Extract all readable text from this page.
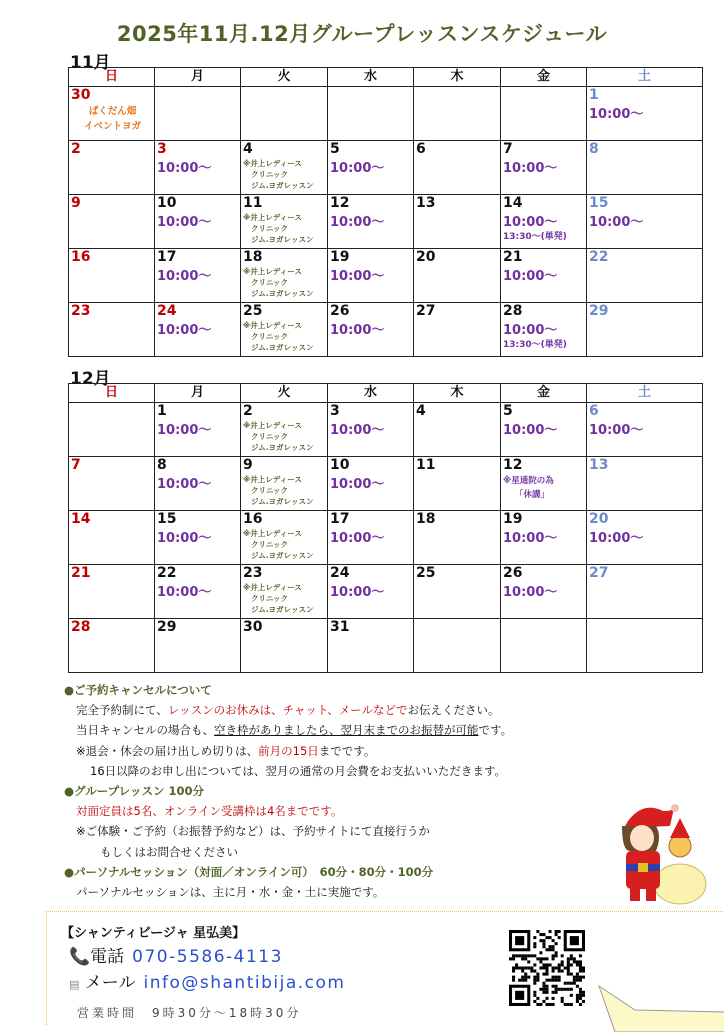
2025年11月.12月グループレッスンスケジュール
11月
日	月	火	水	木	金	土

30
ぱくだん畑
イベントヨガ						1
10:00～

2	3
10:00～	4
※井上レディース
クリニック
ジム.ヨガレッスン	5
10:00～	6	7
10:00～	8

9	10
10:00～	11
※井上レディース
クリニック
ジム.ヨガレッスン	12
10:00～	13	14
10:00～
13:30～(単発)	15
10:00～

16	17
10:00～	18
※井上レディース
クリニック
ジム.ヨガレッスン	19
10:00～	20	21
10:00～	22

23	24
10:00～	25
※井上レディース
クリニック
ジム.ヨガレッスン	26
10:00～	27	28
10:00～
13:30～(単発)	29
12月
日	月	火	水	木	金	土

	1
10:00～	2
※井上レディース
クリニック
ジム.ヨガレッスン	3
10:00～	4	5
10:00～	6
10:00～

7	8
10:00～	9
※井上レディース
クリニック
ジム.ヨガレッスン	10
10:00～	11	12
※星通院の為
「休講」	13

14	15
10:00～	16
※井上レディース
クリニック
ジム.ヨガレッスン	17
10:00～	18	19
10:00～	20
10:00～

21	22
10:00～	23
※井上レディース
クリニック
ジム.ヨガレッスン	24
10:00～	25	26
10:00～	27

28	29	30	31			

●ご予約キャンセルについて
完全予約制にて、レッスンのお休みは、チャット、メールなどでお伝えください。
当日キャンセルの場合も、空き枠がありましたら、翌月末までのお振替が可能です。
※退会・休会の届け出しめ切りは、前月の15日までです。
16日以降のお申し出については、翌月の通常の月会費をお支払いいただきます。
●グループレッスン 100分
対面定員は5名、オンライン受講枠は4名までです。
※ご体験・ご予約（お振替予約など）は、予約サイトにて直接行うか
もしくはお問合せください
●パーソナルセッション（対面／オンライン可）　60分・80分・100分
パーソナルセッションは、主に月・水・金・土に実施です。
【シャンティビージャ 星弘美】
📞電話 070-5586-4113
▤ メール info@shantibija.com
営業時間　9時30分～18時30分
